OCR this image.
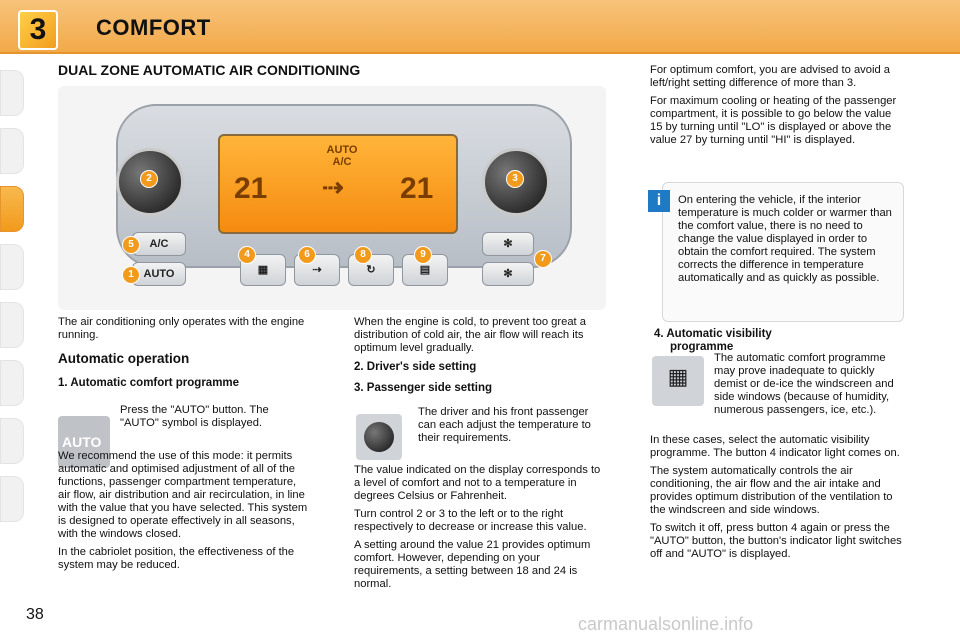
3	COMFORT
DUAL ZONE AUTOMATIC AIR CONDITIONING
AUTO
A/C
21 ⇢ 21
A/C
AUTO	▦	⇢	↻	▤
✻
✻
1
2	3
4
5
6	7
8	9

The air conditioning only operates with the engine running.

Automatic operation
1. Automatic comfort programme
AUTO
Press the "AUTO" button. The "AUTO" symbol is displayed.

We recommend the use of this mode: it permits automatic and optimised adjustment of all of the functions, passenger compartment temperature, air flow, air distribution and air recirculation, in line with the value that you have selected. This system is designed to operate effectively in all seasons, with the windows closed.

In the cabriolet position, the effectiveness of the system may be reduced.

When the engine is cold, to prevent too great a distribution of cold air, the air flow will reach its optimum level gradually.

2. Driver's side setting
3. Passenger side setting
The driver and his front passenger can each adjust the temperature to their requirements.

The value indicated on the display corresponds to a level of comfort and not to a temperature in degrees Celsius or Fahrenheit.

Turn control 2 or 3 to the left or to the right respectively to decrease or increase this value.

A setting around the value 21 provides optimum comfort. However, depending on your requirements, a setting between 18 and 24 is normal.

For optimum comfort, you are advised to avoid a left/right setting difference of more than 3.

For maximum cooling or heating of the passenger compartment, it is possible to go below the value 15 by turning until "LO" is displayed or above the value 27 by turning until "HI" is displayed.

i	On entering the vehicle, if the interior temperature is much colder or warmer than the comfort value, there is no need to change the value displayed in order to obtain the comfort required. The system corrects the difference in temperature automatically and as quickly as possible.
4. Automatic visibility
programme
▦
The automatic comfort programme may prove inadequate to quickly demist or de-ice the windscreen and side windows (because of humidity, numerous passengers, ice, etc.).

In these cases, select the automatic visibility programme. The button 4 indicator light comes on.

The system automatically controls the air conditioning, the air flow and the air intake and provides optimum distribution of the ventilation to the windscreen and side windows.

To switch it off, press button 4 again or press the "AUTO" button, the button's indicator light switches off and "AUTO" is displayed.

38	carmanualsonline.info
